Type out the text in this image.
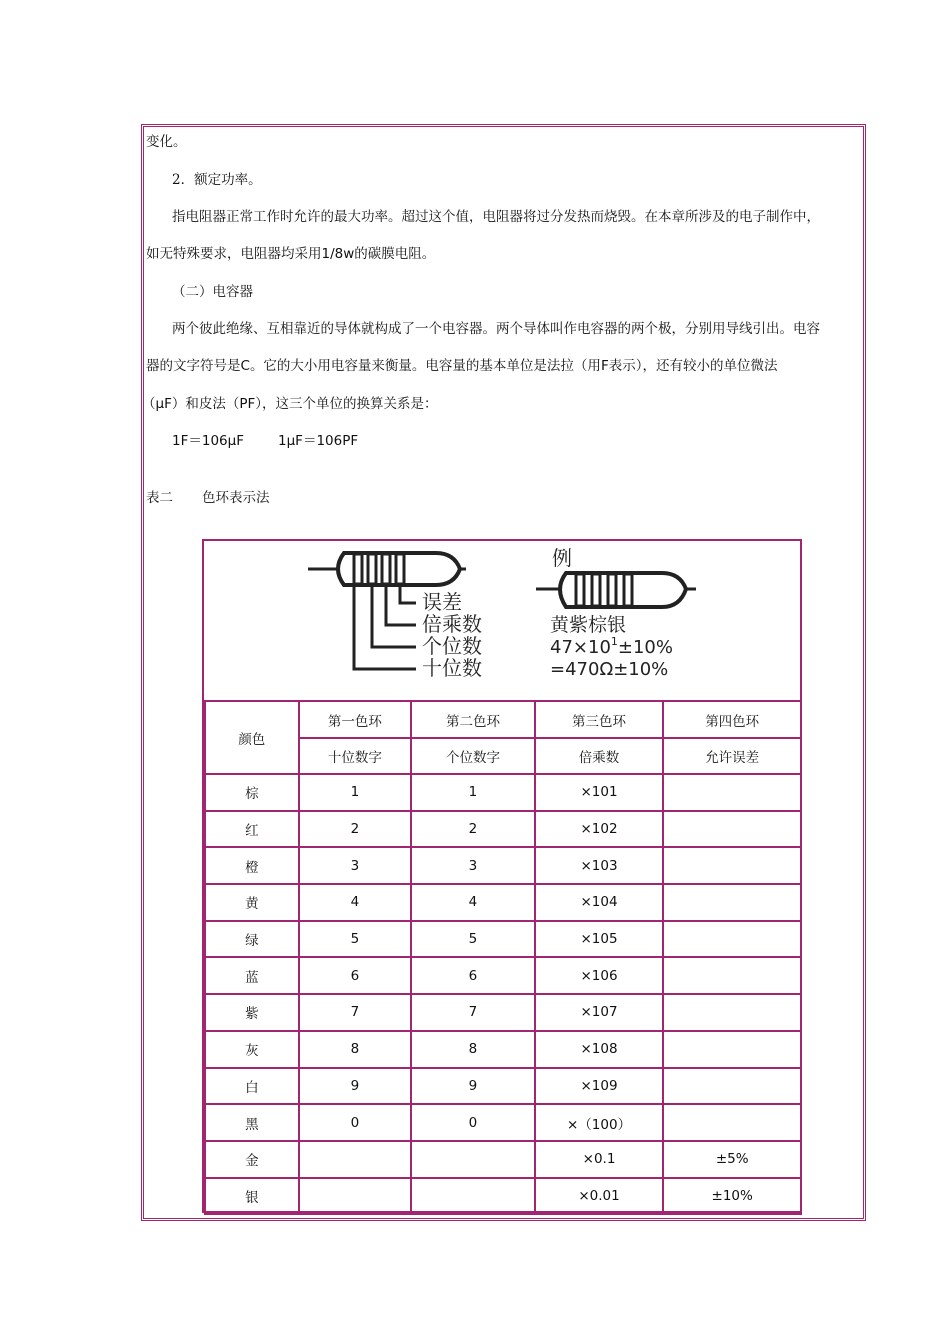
变化。
2．额定功率。
指电阻器正常工作时允许的最大功率。超过这个值，电阻器将过分发热而烧毁。在本章所涉及的电子制作中，
如无特殊要求，电阻器均采用1/8w的碳膜电阻。
（二）电容器
两个彼此绝缘、互相靠近的导体就构成了一个电容器。两个导体叫作电容器的两个极，分别用导线引出。电容
器的文字符号是C。它的大小用电容量来衡量。电容量的基本单位是法拉（用F表示），还有较小的单位微法
（μF）和皮法（PF），这三个单位的换算关系是：
1F＝106μF	1μF＝106PF
表二 色环表示法
误差
倍乘数
个位数
十位数
例
黄紫棕银
$47\times 10^1\pm 10\%$
=470Ω±10%
颜色	第一色环	第二色环	第三色环	第四色环
	十位数字	个位数字	倍乘数	允许误差
棕	1	1	×101	
红	2	2	×102	
橙	3	3	×103	
黄	4	4	×104	
绿	5	5	×105	
蓝	6	6	×106	
紫	7	7	×107	
灰	8	8	×108	
白	9	9	×109	
黑	0	0	×（100）	
金			×0.1	±5%
银			×0.01	±10%
